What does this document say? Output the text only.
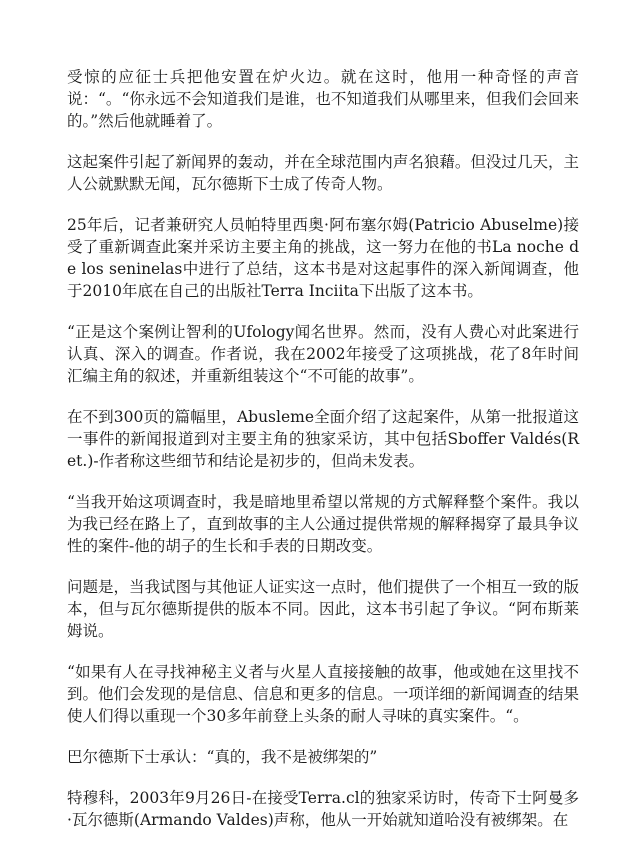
受惊的应征士兵把他安置在炉火边。就在这时，他用一种奇怪的声音说：“。“你永远不会知道我们是谁，也不知道我们从哪里来，但我们会回来的。”然后他就睡着了。

这起案件引起了新闻界的轰动，并在全球范围内声名狼藉。但没过几天，主人公就默默无闻，瓦尔德斯下士成了传奇人物。

25年后，记者兼研究人员帕特里西奥·阿布塞尔姆(Patricio Abuselme)接受了重新调查此案并采访主要主角的挑战，这一努力在他的书La noche de los seninelas中进行了总结，这本书是对这起事件的深入新闻调查，他于2010年底在自己的出版社Terra Inciita下出版了这本书。

“正是这个案例让智利的Ufology闻名世界。然而，没有人费心对此案进行认真、深入的调查。作者说，我在2002年接受了这项挑战，花了8年时间汇编主角的叙述，并重新组装这个“不可能的故事”。

在不到300页的篇幅里，Abusleme全面介绍了这起案件，从第一批报道这一事件的新闻报道到对主要主角的独家采访，其中包括Sboffer Valdés(Ret.)-作者称这些细节和结论是初步的，但尚未发表。

“当我开始这项调查时，我是暗地里希望以常规的方式解释整个案件。我以为我已经在路上了，直到故事的主人公通过提供常规的解释揭穿了最具争议性的案件-他的胡子的生长和手表的日期改变。

问题是，当我试图与其他证人证实这一点时，他们提供了一个相互一致的版本，但与瓦尔德斯提供的版本不同。因此，这本书引起了争议。“阿布斯莱姆说。

“如果有人在寻找神秘主义者与火星人直接接触的故事，他或她在这里找不到。他们会发现的是信息、信息和更多的信息。一项详细的新闻调查的结果使人们得以重现一个30多年前登上头条的耐人寻味的真实案件。“。

巴尔德斯下士承认：“真的，我不是被绑架的”

特穆科，2003年9月26日-在接受Terra.cl的独家采访时，传奇下士阿曼多·瓦尔德斯(Armando Valdes)声称，他从一开始就知道哈没有被绑架。在
